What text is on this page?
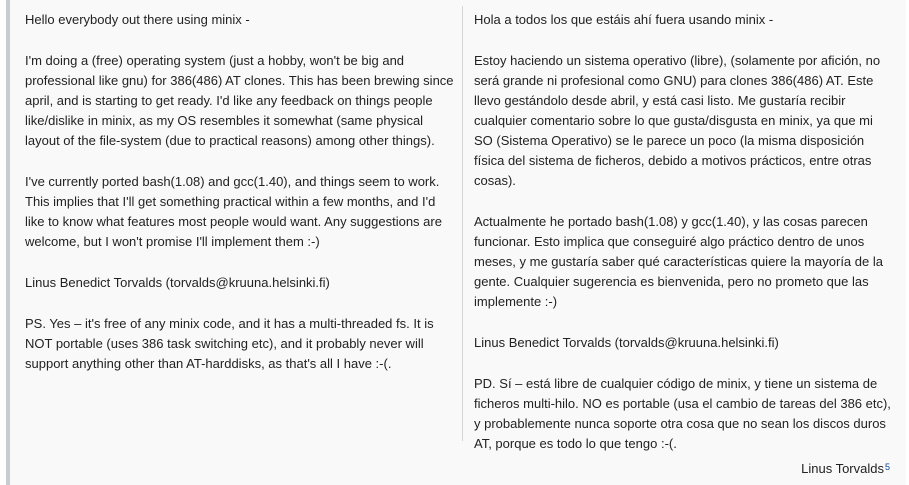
Hello everybody out there using minix -

I'm doing a (free) operating system (just a hobby, won't be big and professional like gnu) for 386(486) AT clones. This has been brewing since april, and is starting to get ready. I'd like any feedback on things people like/dislike in minix, as my OS resembles it somewhat (same physical layout of the file-system (due to practical reasons) among other things).

I've currently ported bash(1.08) and gcc(1.40), and things seem to work. This implies that I'll get something practical within a few months, and I'd like to know what features most people would want. Any suggestions are welcome, but I won't promise I'll implement them :-)

Linus Benedict Torvalds (torvalds@kruuna.helsinki.fi)

PS. Yes – it's free of any minix code, and it has a multi-threaded fs. It is NOT portable (uses 386 task switching etc), and it probably never will support anything other than AT-harddisks, as that's all I have :-(.

Hola a todos los que estáis ahí fuera usando minix -

Estoy haciendo un sistema operativo (libre), (solamente por afición, no será grande ni profesional como GNU) para clones 386(486) AT. Este llevo gestándolo desde abril, y está casi listo. Me gustaría recibir cualquier comentario sobre lo que gusta/disgusta en minix, ya que mi SO (Sistema Operativo) se le parece un poco (la misma disposición física del sistema de ficheros, debido a motivos prácticos, entre otras cosas).

Actualmente he portado bash(1.08) y gcc(1.40), y las cosas parecen funcionar. Esto implica que conseguiré algo práctico dentro de unos meses, y me gustaría saber qué características quiere la mayoría de la gente. Cualquier sugerencia es bienvenida, pero no prometo que las implemente :-)

Linus Benedict Torvalds (torvalds@kruuna.helsinki.fi)

PD. Sí – está libre de cualquier código de minix, y tiene un sistema de ficheros multi-hilo. NO es portable (usa el cambio de tareas del 386 etc), y probablemente nunca soporte otra cosa que no sean los discos duros AT, porque es todo lo que tengo :-(.

Linus Torvalds$^5$
